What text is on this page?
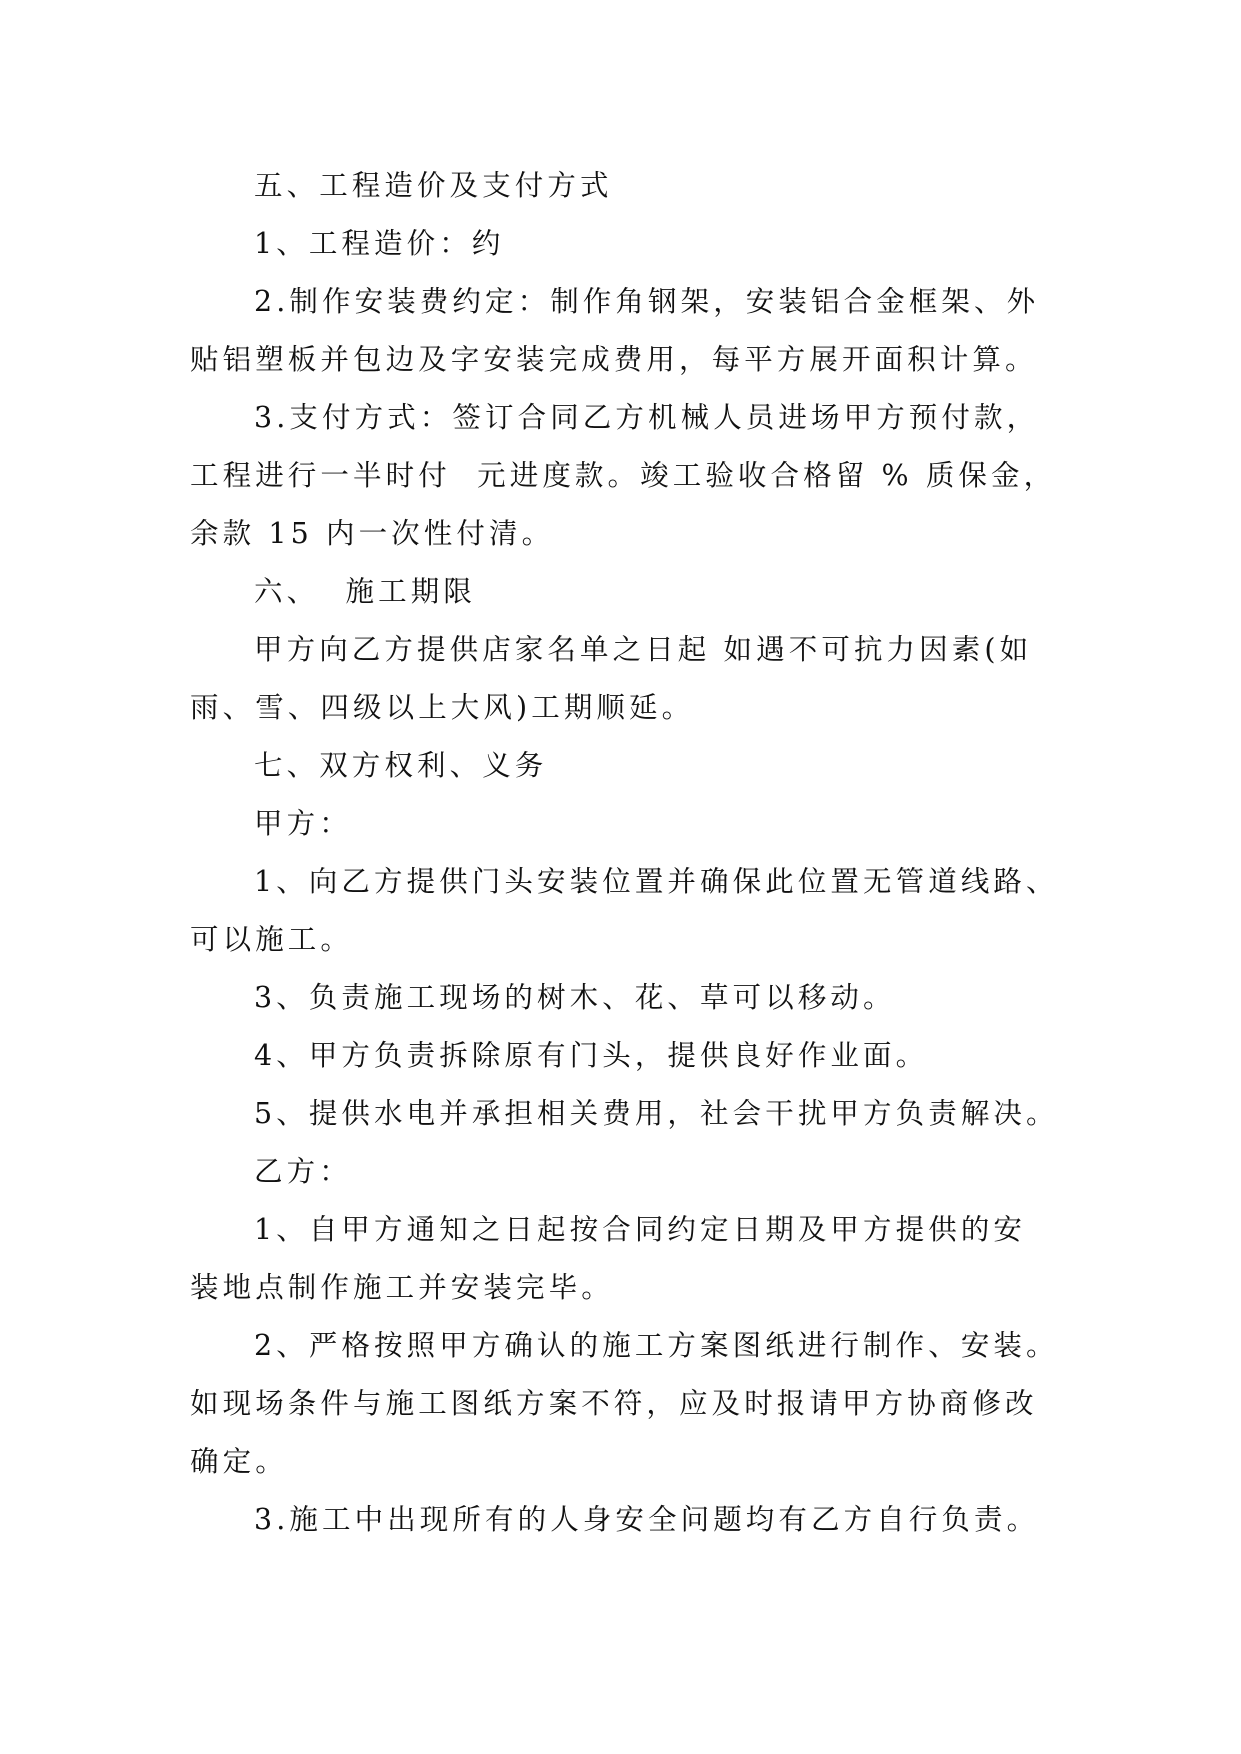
五、工程造价及支付方式
1、工程造价：约
2.制作安装费约定：制作角钢架，安装铝合金框架、外
贴铝塑板并包边及字安装完成费用，每平方展开面积计算。
3.支付方式：签订合同乙方机械人员进场甲方预付款，
工程进行一半时付  元进度款。竣工验收合格留 % 质保金，
余款 15 内一次性付清。
六、  施工期限
甲方向乙方提供店家名单之日起 如遇不可抗力因素(如
雨、雪、四级以上大风)工期顺延。
七、双方权利、义务
甲方：
1、向乙方提供门头安装位置并确保此位置无管道线路、
可以施工。
3、负责施工现场的树木、花、草可以移动。
4、甲方负责拆除原有门头，提供良好作业面。
5、提供水电并承担相关费用，社会干扰甲方负责解决。
乙方：
1、自甲方通知之日起按合同约定日期及甲方提供的安
装地点制作施工并安装完毕。
2、严格按照甲方确认的施工方案图纸进行制作、安装。
如现场条件与施工图纸方案不符，应及时报请甲方协商修改
确定。
3.施工中出现所有的人身安全问题均有乙方自行负责。
